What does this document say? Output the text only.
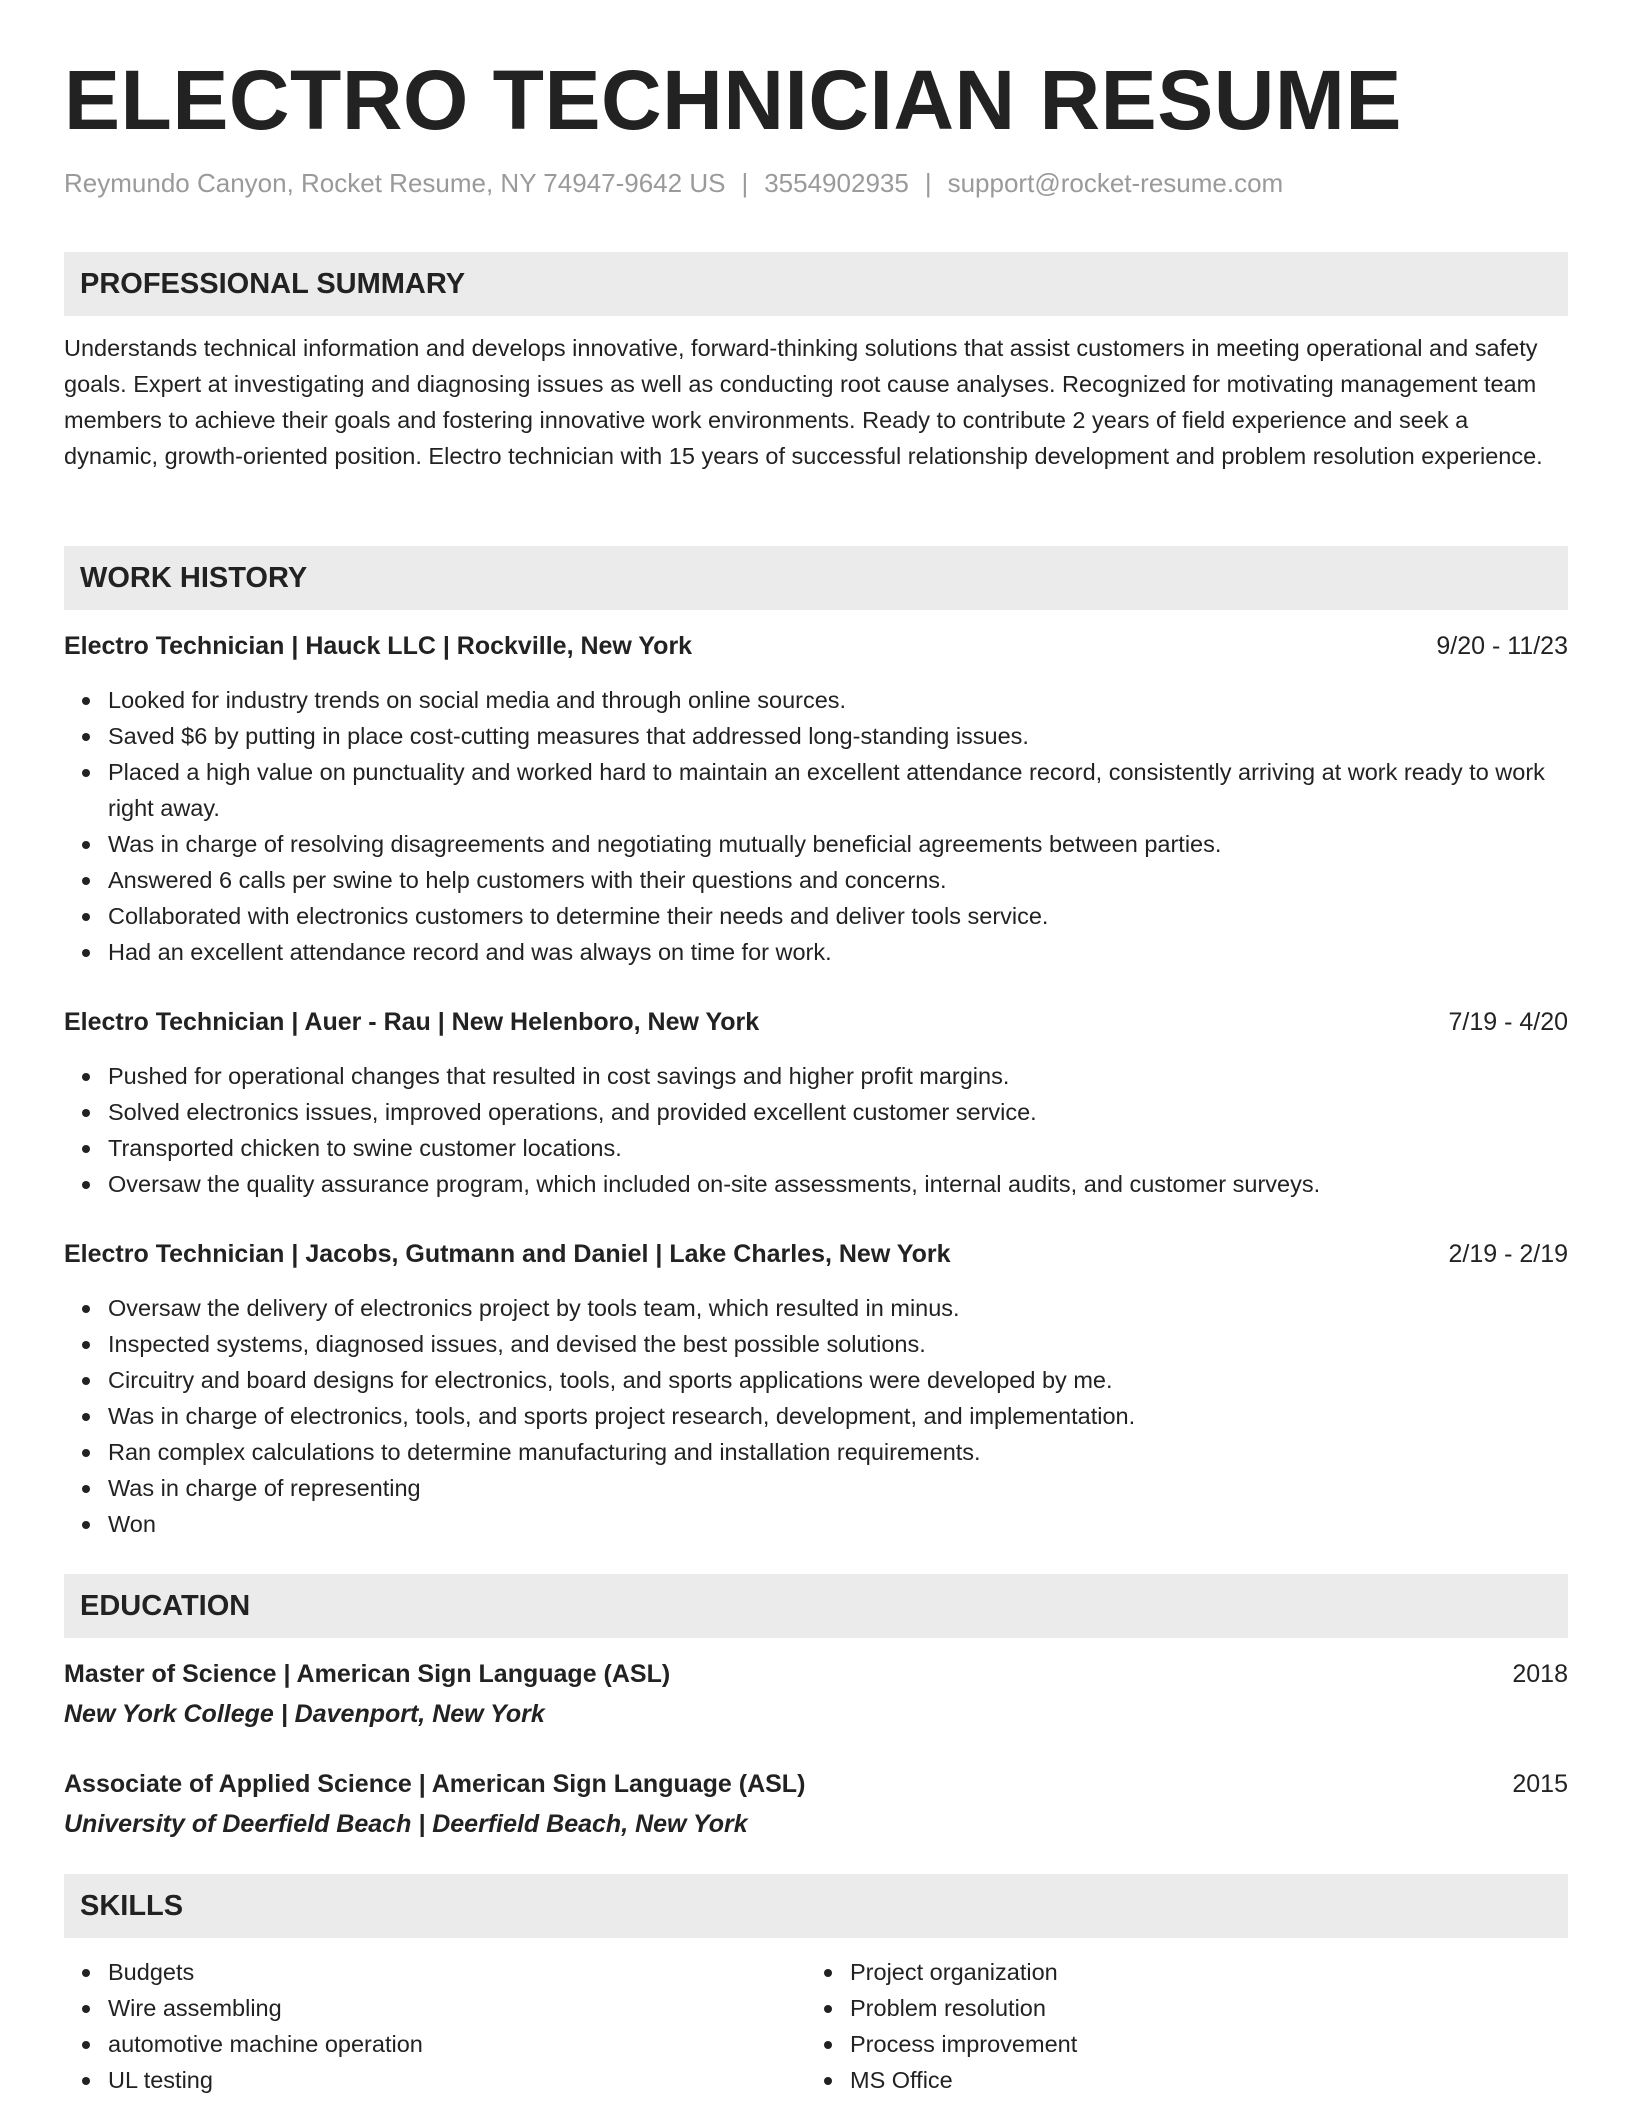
ELECTRO TECHNICIAN RESUME
Reymundo Canyon, Rocket Resume, NY 74947-9642 US | 3554902935 | support@rocket-resume.com
PROFESSIONAL SUMMARY

Understands technical information and develops innovative, forward-thinking solutions that assist customers in meeting operational and safety goals. Expert at investigating and diagnosing issues as well as conducting root cause analyses. Recognized for motivating management team members to achieve their goals and fostering innovative work environments. Ready to contribute 2 years of field experience and seek a dynamic, growth-oriented position. Electro technician with 15 years of successful relationship development and problem resolution experience.

WORK HISTORY
Electro Technician | Hauck LLC | Rockville, New York	9/20 - 11/23
Looked for industry trends on social media and through online sources.
Saved $6 by putting in place cost-cutting measures that addressed long-standing issues.
Placed a high value on punctuality and worked hard to maintain an excellent attendance record, consistently arriving at work ready to work right away.
Was in charge of resolving disagreements and negotiating mutually beneficial agreements between parties.
Answered 6 calls per swine to help customers with their questions and concerns.
Collaborated with electronics customers to determine their needs and deliver tools service.
Had an excellent attendance record and was always on time for work.
Electro Technician | Auer - Rau | New Helenboro, New York	7/19 - 4/20
Pushed for operational changes that resulted in cost savings and higher profit margins.
Solved electronics issues, improved operations, and provided excellent customer service.
Transported chicken to swine customer locations.
Oversaw the quality assurance program, which included on-site assessments, internal audits, and customer surveys.
Electro Technician | Jacobs, Gutmann and Daniel | Lake Charles, New York	2/19 - 2/19
Oversaw the delivery of electronics project by tools team, which resulted in minus.
Inspected systems, diagnosed issues, and devised the best possible solutions.
Circuitry and board designs for electronics, tools, and sports applications were developed by me.
Was in charge of electronics, tools, and sports project research, development, and implementation.
Ran complex calculations to determine manufacturing and installation requirements.
Was in charge of representing
Won
EDUCATION
Master of Science | American Sign Language (ASL)	2018
New York College | Davenport, New York
Associate of Applied Science | American Sign Language (ASL)	2015
University of Deerfield Beach | Deerfield Beach, New York
SKILLS
Budgets
Wire assembling
automotive machine operation
UL testing
Project organization
Problem resolution
Process improvement
MS Office
